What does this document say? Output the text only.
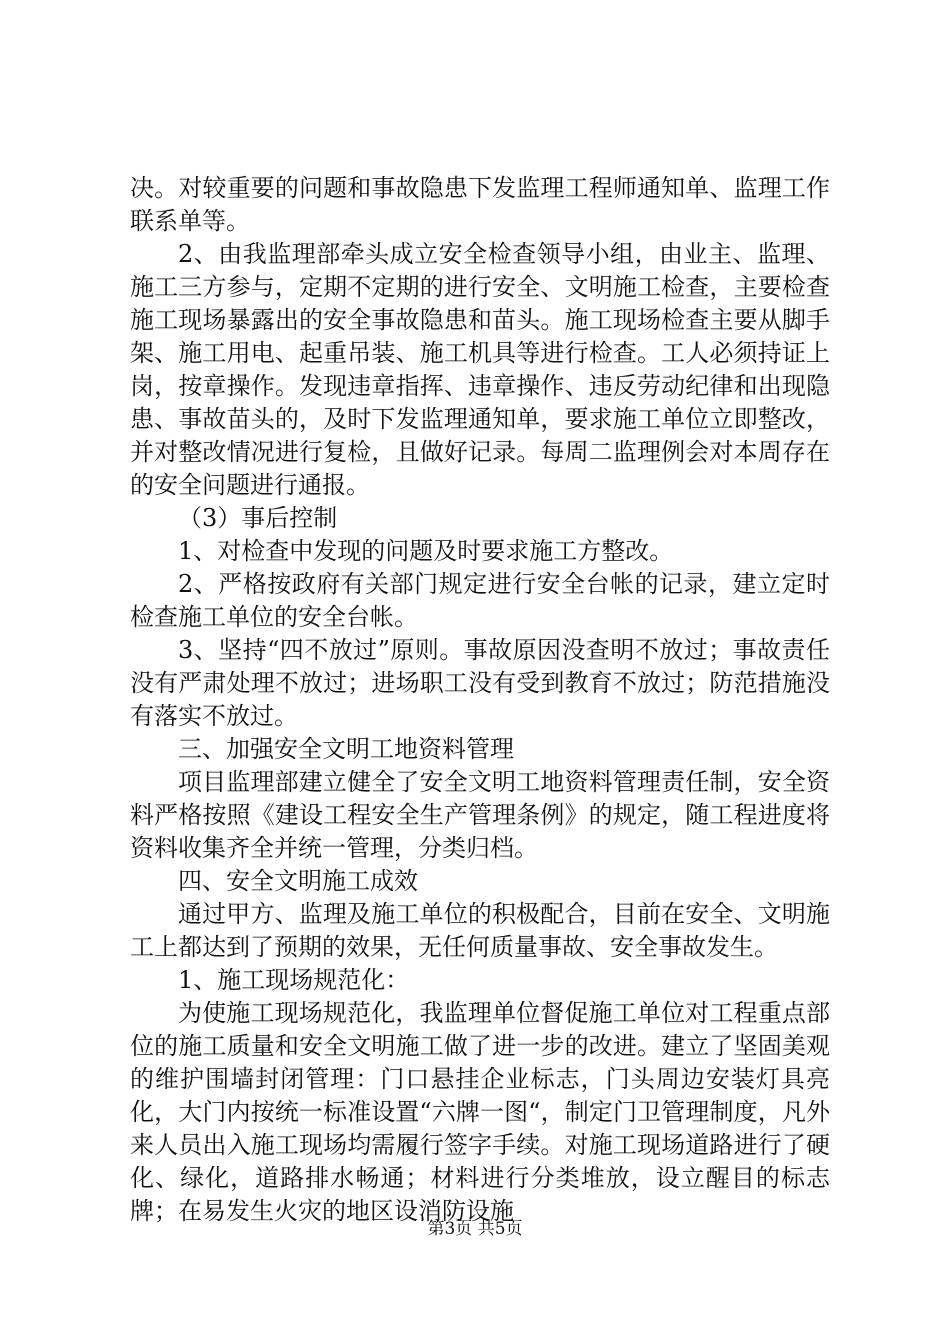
决。对较重要的问题和事故隐患下发监理工程师通知单、监理工作联系单等。

2、由我监理部牵头成立安全检查领导小组，由业主、监理、施工三方参与，定期不定期的进行安全、文明施工检查，主要检查施工现场暴露出的安全事故隐患和苗头。施工现场检查主要从脚手架、施工用电、起重吊装、施工机具等进行检查。工人必须持证上岗，按章操作。发现违章指挥、违章操作、违反劳动纪律和出现隐患、事故苗头的，及时下发监理通知单，要求施工单位立即整改，并对整改情况进行复检，且做好记录。每周二监理例会对本周存在的安全问题进行通报。

（3）事后控制

1、对检查中发现的问题及时要求施工方整改。

2、严格按政府有关部门规定进行安全台帐的记录，建立定时检查施工单位的安全台帐。

3、坚持“四不放过”原则。事故原因没查明不放过；事故责任没有严肃处理不放过；进场职工没有受到教育不放过；防范措施没有落实不放过。

三、加强安全文明工地资料管理

项目监理部建立健全了安全文明工地资料管理责任制，安全资料严格按照《建设工程安全生产管理条例》的规定，随工程进度将资料收集齐全并统一管理，分类归档。

四、安全文明施工成效

通过甲方、监理及施工单位的积极配合，目前在安全、文明施工上都达到了预期的效果，无任何质量事故、安全事故发生。

1、施工现场规范化：

为使施工现场规范化，我监理单位督促施工单位对工程重点部位的施工质量和安全文明施工做了进一步的改进。建立了坚固美观的维护围墙封闭管理：门口悬挂企业标志，门头周边安装灯具亮化，大门内按统一标准设置“六牌一图“，制定门卫管理制度，凡外来人员出入施工现场均需履行签字手续。对施工现场道路进行了硬化、绿化，道路排水畅通；材料进行分类堆放，设立醒目的标志牌；在易发生火灾的地区设消防设施

第3页 共5页
